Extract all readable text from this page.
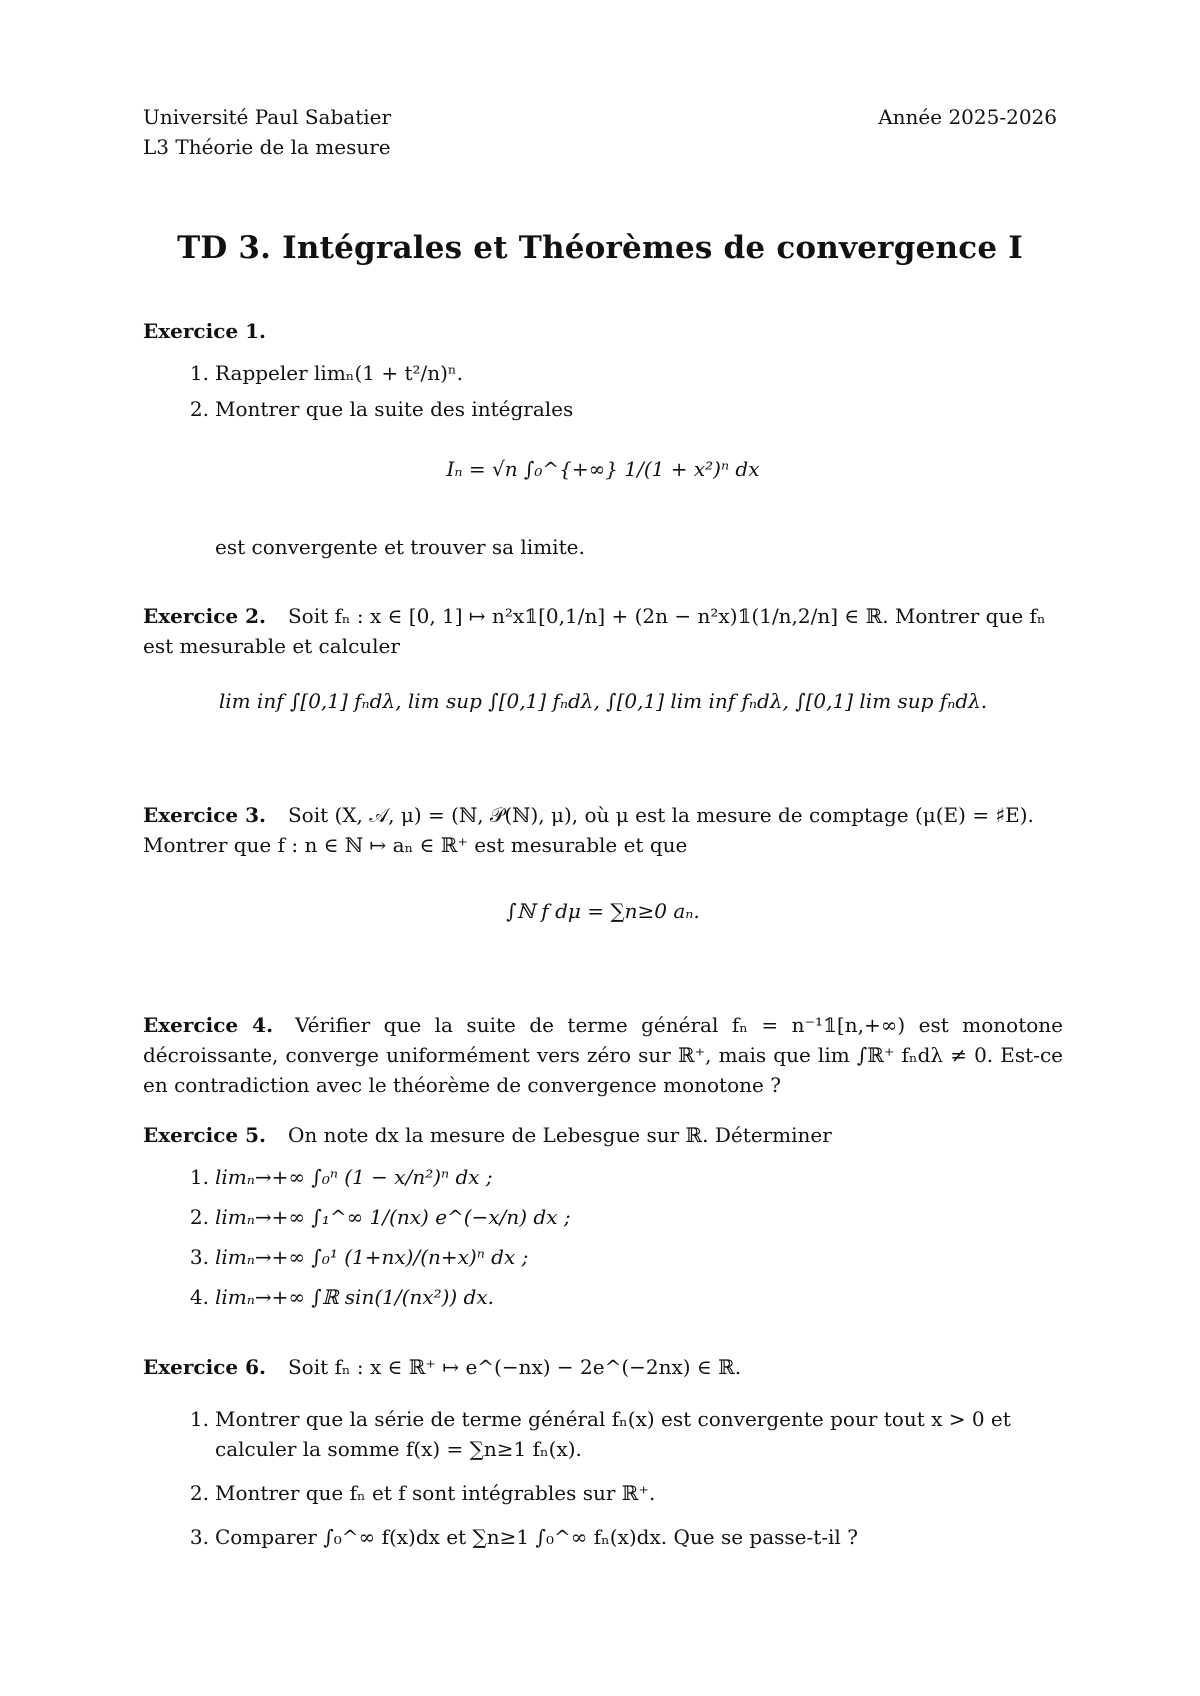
Université Paul Sabatier
L3 Théorie de la mesure
Année 2025-2026
TD 3. Intégrales et Théorèmes de convergence I
Exercice 1.
1 . Rappeler limₙ(1 + t²/n)ⁿ.
2 . Montrer que la suite des intégrales
Iₙ = √n ∫₀^{+∞} 1/(1 + x²)ⁿ dx
est convergente et trouver sa limite.
Exercice 2. Soit fₙ : x ∈ [0, 1] ↦ n²x𝟙[0,1/n] + (2n − n²x)𝟙(1/n,2/n] ∈ ℝ. Montrer que fₙ est mesurable et calculer
lim inf ∫[0,1] fₙdλ, lim sup ∫[0,1] fₙdλ, ∫[0,1] lim inf fₙdλ, ∫[0,1] lim sup fₙdλ.
Exercice 3. Soit (X, 𝒜, μ) = (ℕ, 𝒫(ℕ), μ), où μ est la mesure de comptage (μ(E) = ♯E).
Montrer que f : n ∈ ℕ ↦ aₙ ∈ ℝ⁺ est mesurable et que
∫ℕ f dμ = ∑n≥0 aₙ.
Exercice 4. Vérifier que la suite de terme général fₙ = n⁻¹𝟙[n,+∞) est monotone décroissante, converge uniformément vers zéro sur ℝ⁺, mais que lim ∫ℝ⁺ fₙdλ ≠ 0. Est-ce en contradiction avec le théorème de convergence monotone ?
Exercice 5. On note dx la mesure de Lebesgue sur ℝ. Déterminer
1 . limₙ→+∞ ∫₀ⁿ (1 − x/n²)ⁿ dx ;
2 . limₙ→+∞ ∫₁^∞ 1/(nx) e^(−x/n) dx ;
3 . limₙ→+∞ ∫₀¹ (1+nx)/(n+x)ⁿ dx ;
4 . limₙ→+∞ ∫ℝ sin(1/(nx²)) dx.
Exercice 6. Soit fₙ : x ∈ ℝ⁺ ↦ e^(−nx) − 2e^(−2nx) ∈ ℝ.
1 . Montrer que la série de terme général fₙ(x) est convergente pour tout x > 0 et
calculer la somme f(x) = ∑n≥1 fₙ(x).
2 . Montrer que fₙ et f sont intégrables sur ℝ⁺.
3 . Comparer ∫₀^∞ f(x)dx et ∑n≥1 ∫₀^∞ fₙ(x)dx. Que se passe-t-il ?
